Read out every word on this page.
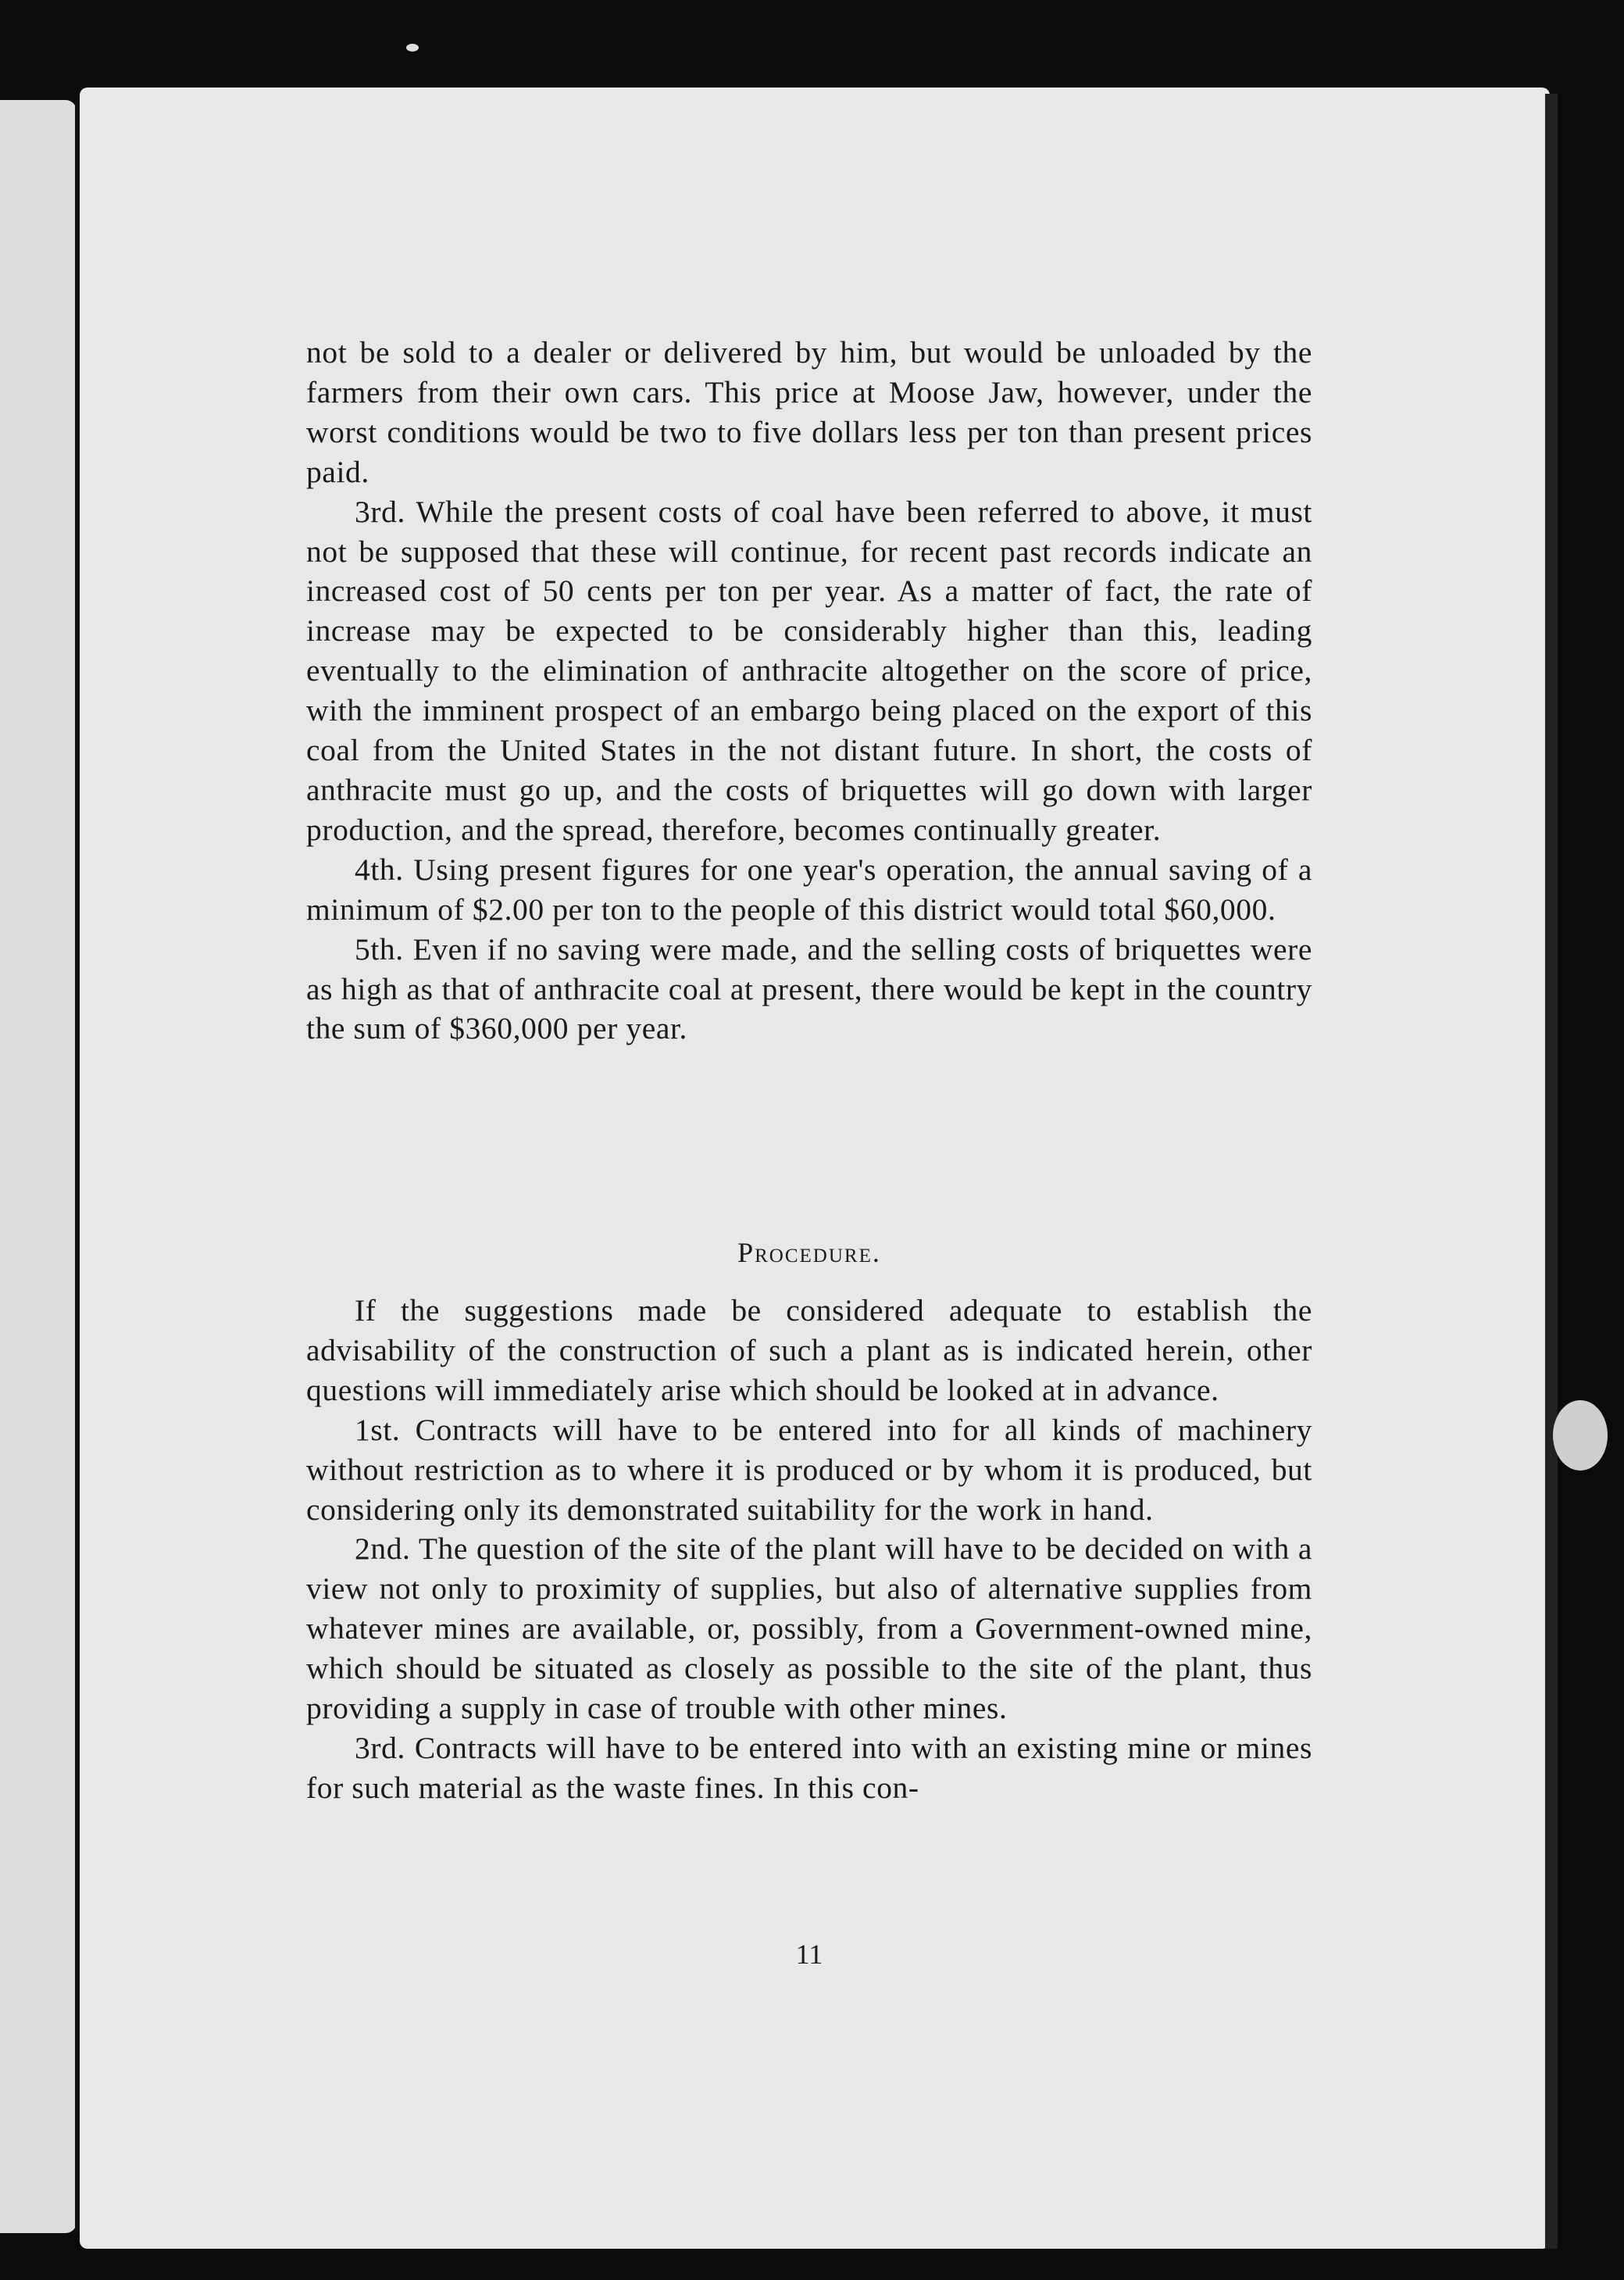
not be sold to a dealer or delivered by him, but would be unloaded by the farmers from their own cars. This price at Moose Jaw, however, under the worst conditions would be two to five dollars less per ton than present prices paid.

3rd. While the present costs of coal have been referred to above, it must not be supposed that these will continue, for recent past records indicate an increased cost of 50 cents per ton per year. As a matter of fact, the rate of increase may be expected to be considerably higher than this, leading eventually to the elimination of anthracite altogether on the score of price, with the imminent prospect of an embargo being placed on the export of this coal from the United States in the not distant future. In short, the costs of anthracite must go up, and the costs of briquettes will go down with larger production, and the spread, therefore, becomes continually greater.

4th. Using present figures for one year's operation, the annual saving of a minimum of $2.00 per ton to the people of this district would total $60,000.

5th. Even if no saving were made, and the selling costs of briquettes were as high as that of anthracite coal at present, there would be kept in the country the sum of $360,000 per year.

Procedure.

If the suggestions made be considered adequate to establish the advisability of the construction of such a plant as is indicated herein, other questions will immediately arise which should be looked at in advance.

1st. Contracts will have to be entered into for all kinds of machinery without restriction as to where it is produced or by whom it is produced, but considering only its demonstrated suitability for the work in hand.

2nd. The question of the site of the plant will have to be decided on with a view not only to proximity of supplies, but also of alternative supplies from whatever mines are available, or, possibly, from a Government-owned mine, which should be situated as closely as possible to the site of the plant, thus providing a supply in case of trouble with other mines.

3rd. Contracts will have to be entered into with an existing mine or mines for such material as the waste fines. In this con-

11
